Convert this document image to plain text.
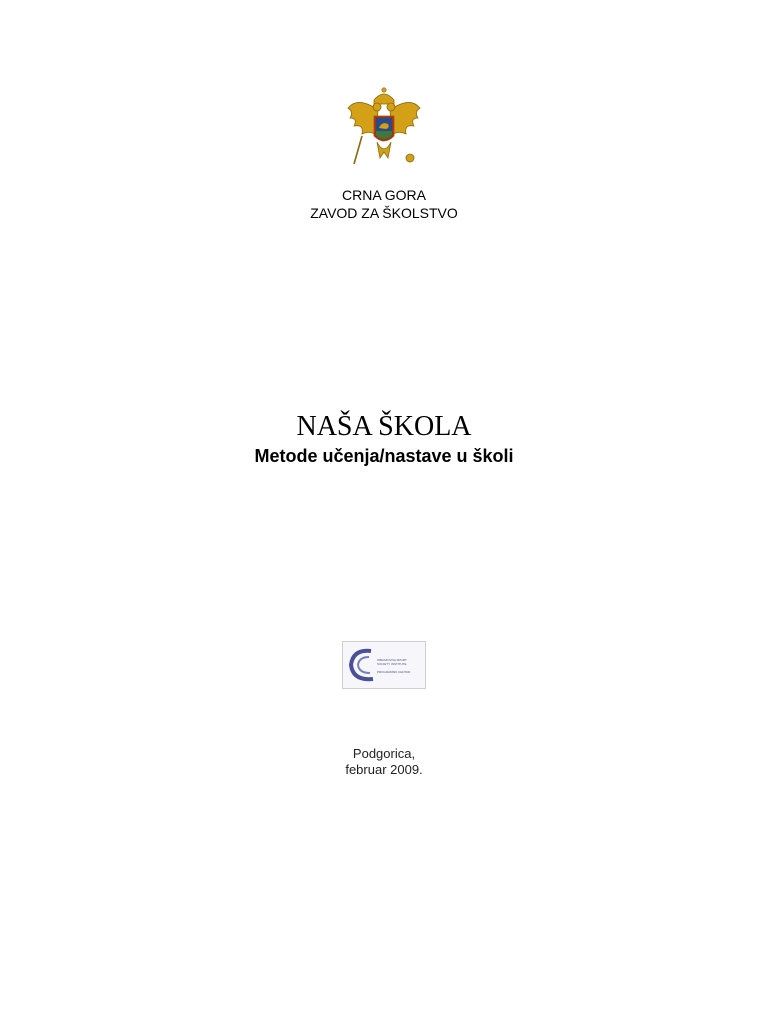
CRNA GORA
ZAVOD ZA ŠKOLSTVO
NAŠA ŠKOLA
Metode učenja/nastave u školi
OBRAZOVNA SPORT
SOCIETY INSTITUTE
PROGRAMSKI CENTAR
Podgorica,
februar 2009.
